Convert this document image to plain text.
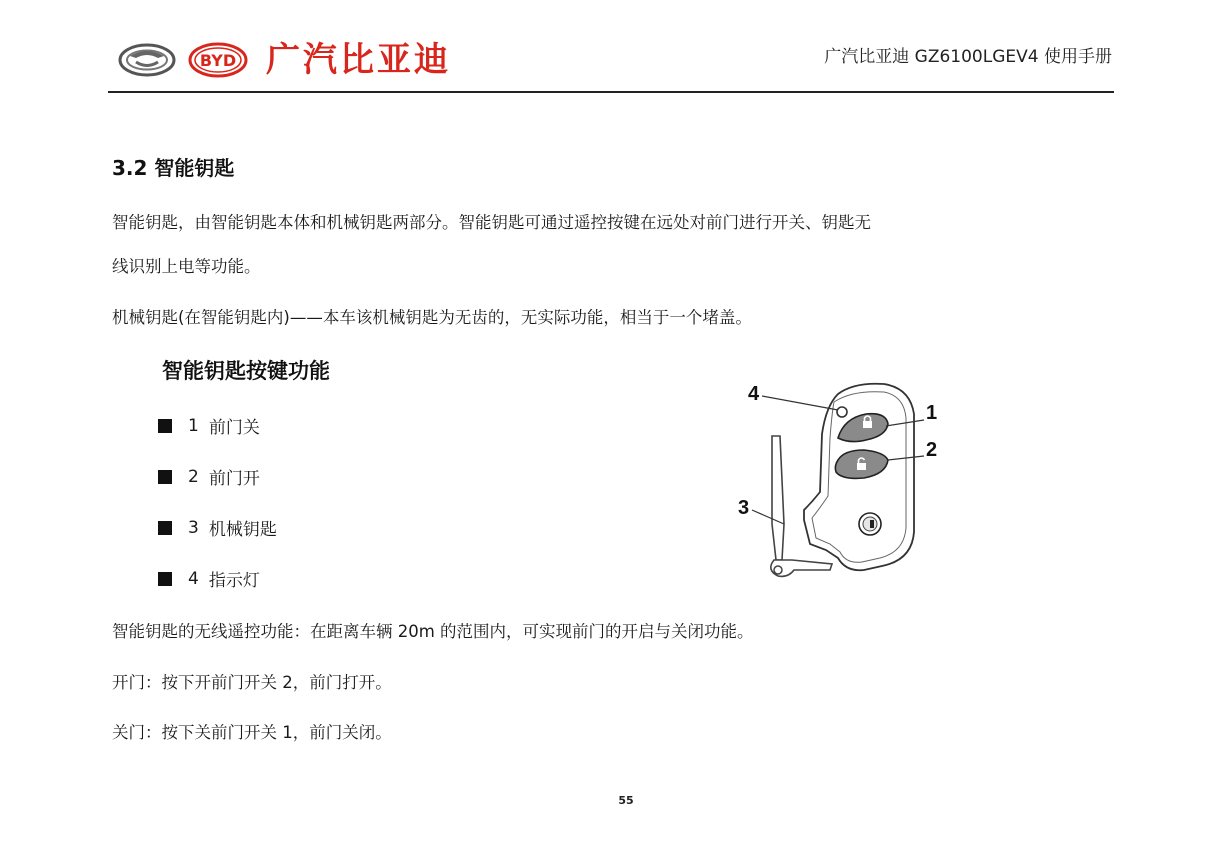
BYD 广汽比亚迪	广汽比亚迪 GZ6100LGEV4 使用手册
3.2 智能钥匙
智能钥匙，由智能钥匙本体和机械钥匙两部分。智能钥匙可通过遥控按键在远处对前门进行开关、钥匙无
线识别上电等功能。
机械钥匙(在智能钥匙内)——本车该机械钥匙为无齿的，无实际功能，相当于一个堵盖。
智能钥匙按键功能
1 前门关
2 前门开
3 机械钥匙
4 指示灯
4
1
2
3
智能钥匙的无线遥控功能：在距离车辆 20m 的范围内，可实现前门的开启与关闭功能。
开门：按下开前门开关 2，前门打开。
关门：按下关前门开关 1，前门关闭。
55
